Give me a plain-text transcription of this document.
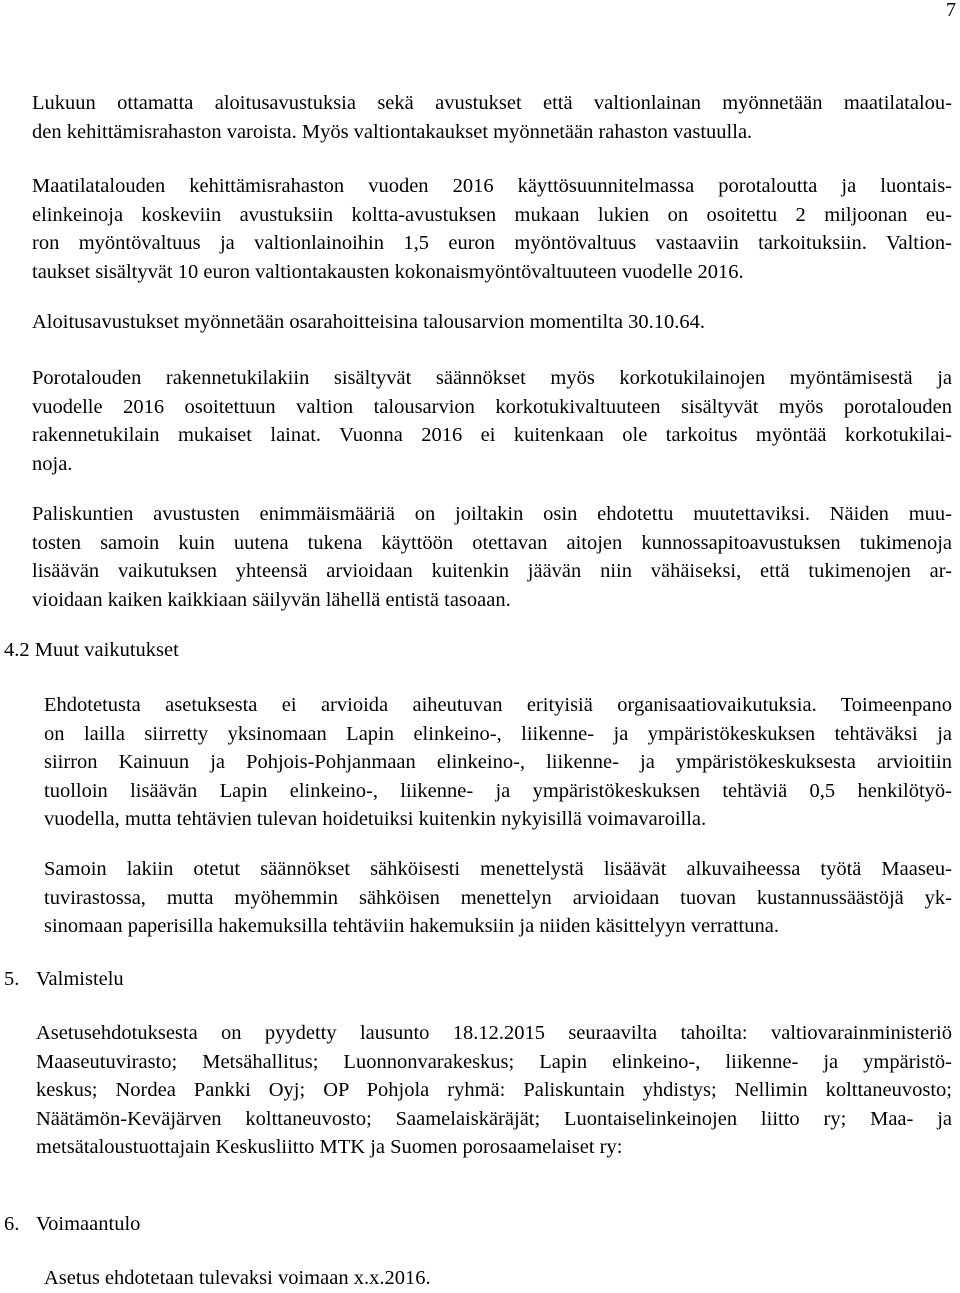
7
Lukuun ottamatta aloitusavustuksia sekä avustukset että valtionlainan myönnetään maatilatalou-
den kehittämisrahaston varoista. Myös valtiontakaukset myönnetään rahaston vastuulla.
Maatilatalouden kehittämisrahaston vuoden 2016 käyttösuunnitelmassa porotaloutta ja luontais-
elinkeinoja koskeviin avustuksiin koltta-avustuksen mukaan lukien on osoitettu 2 miljoonan eu-
ron myöntövaltuus ja valtionlainoihin 1,5 euron myöntövaltuus vastaaviin tarkoituksiin. Valtion-
taukset sisältyvät 10 euron valtiontakausten kokonaismyöntövaltuuteen vuodelle 2016.
Aloitusavustukset myönnetään osarahoitteisina talousarvion momentilta 30.10.64.
Porotalouden rakennetukilakiin sisältyvät säännökset myös korkotukilainojen myöntämisestä ja
vuodelle 2016 osoitettuun valtion talousarvion korkotukivaltuuteen sisältyvät myös porotalouden
rakennetukilain mukaiset lainat. Vuonna 2016 ei kuitenkaan ole tarkoitus myöntää korkotukilai-
noja.
Paliskuntien avustusten enimmäismääriä on joiltakin osin ehdotettu muutettaviksi. Näiden muu-
tosten samoin kuin uutena tukena käyttöön otettavan aitojen kunnossapitoavustuksen tukimenoja
lisäävän vaikutuksen yhteensä arvioidaan kuitenkin jäävän niin vähäiseksi, että tukimenojen ar-
vioidaan kaiken kaikkiaan säilyvän lähellä entistä tasoaan.
4.2 Muut vaikutukset
Ehdotetusta asetuksesta ei arvioida aiheutuvan erityisiä organisaatiovaikutuksia. Toimeenpano
on lailla siirretty yksinomaan Lapin elinkeino-, liikenne- ja ympäristökeskuksen tehtäväksi ja
siirron Kainuun ja Pohjois-Pohjanmaan elinkeino-, liikenne- ja ympäristökeskuksesta arvioitiin
tuolloin lisäävän Lapin elinkeino-, liikenne- ja ympäristökeskuksen tehtäviä 0,5 henkilötyö-
vuodella, mutta tehtävien tulevan hoidetuiksi kuitenkin nykyisillä voimavaroilla.
Samoin lakiin otetut säännökset sähköisesti menettelystä lisäävät alkuvaiheessa työtä Maaseu-
tuvirastossa, mutta myöhemmin sähköisen menettelyn arvioidaan tuovan kustannussäästöjä yk-
sinomaan paperisilla hakemuksilla tehtäviin hakemuksiin ja niiden käsittelyyn verrattuna.
5. Valmistelu
Asetusehdotuksesta on pyydetty lausunto 18.12.2015 seuraavilta tahoilta: valtiovarainministeriö
Maaseutuvirasto; Metsähallitus; Luonnonvarakeskus; Lapin elinkeino-, liikenne- ja ympäristö-
keskus; Nordea Pankki Oyj; OP Pohjola ryhmä: Paliskuntain yhdistys; Nellimin kolttaneuvosto;
Näätämön-Keväjärven kolttaneuvosto; Saamelaiskäräjät; Luontaiselinkeinojen liitto ry; Maa- ja
metsätaloustuottajain Keskusliitto MTK ja Suomen porosaamelaiset ry:
6. Voimaantulo
Asetus ehdotetaan tulevaksi voimaan x.x.2016.
